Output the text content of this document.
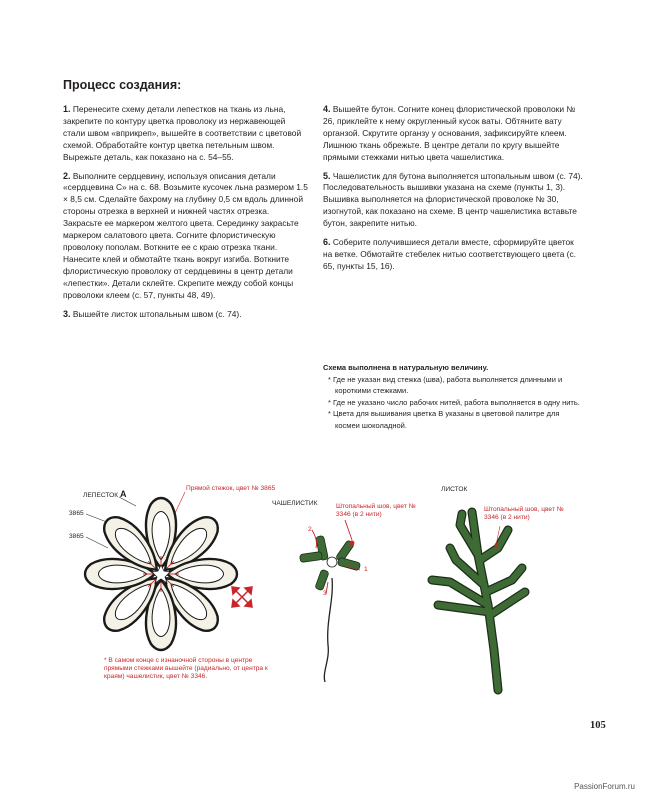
Процесс создания:

1. Перенесите схему детали лепестков на ткань из льна, закрепите по контуру цветка проволоку из нержавеющей стали швом «вприкреп», вышейте в соответствии с цветовой схемой. Обработайте контур цветка петельным швом. Вырежьте деталь, как показано на с. 54–55.

2. Выполните сердцевину, используя описания детали «сердцевина С» на с. 68. Возьмите кусочек льна размером 1.5 × 8,5 см. Сделайте бахрому на глубину 0,5 см вдоль длинной стороны отрезка в верхней и нижней частях отрезка. Закрасьте ее маркером желтого цвета. Серединку закрасьте маркером салатового цвета. Согните флористическую проволоку пополам. Воткните ее с краю отрезка ткани. Нанесите клей и обмотайте ткань вокруг изгиба. Воткните флористическую проволоку от сердцевины в центр детали «лепестки». Детали склейте. Скрепите между собой концы проволоки клеем (с. 57, пункты 48, 49).

3. Вышейте листок штопальным швом (с. 74).

4. Вышейте бутон. Согните конец флористической проволоки № 26, приклейте к нему округленный кусок ваты. Обтяните вату органзой. Скрутите органзу у основания, зафиксируйте клеем. Лишнюю ткань обрежьте. В центре детали по кругу вышейте прямыми стежками нитью цвета чашелистика.

5. Чашелистик для бутона выполняется штопальным швом (с. 74). Последовательность вышивки указана на схеме (пункты 1, 3). Вышивка выполняется на флористической проволоке № 30, изогнутой, как показано на схеме. В центр чашелистика вставьте бутон, закрепите нитью.

6. Соберите получившиеся детали вместе, сформируйте цветок на ветке. Обмотайте стебелек нитью соответствующего цвета (с. 65, пункты 15, 16).

Схема выполнена в натуральную величину.
* Где не указан вид стежка (шва), работа выполняется длинными и короткими стежками.
* Где не указано число рабочих нитей, работа выполняется в одну нить.
* Цвета для вышивания цветка B указаны в цветовой палитре для космеи шоколадной.
ЛЕПЕСТОК A
Прямой стежок, цвет № 3865
3865
3865
* В самом конце с изнаночной стороны в центре прямыми стежками вышейте (радиально, от центра к краям) чашелистик, цвет № 3346.
ЧАШЕЛИСТИК	Штопальный шов, цвет № 3346 (в 2 нити)
2
1
3
ЛИСТОК
Штопальный шов, цвет № 3346 (в 2 нити)
105
PassionForum.ru
